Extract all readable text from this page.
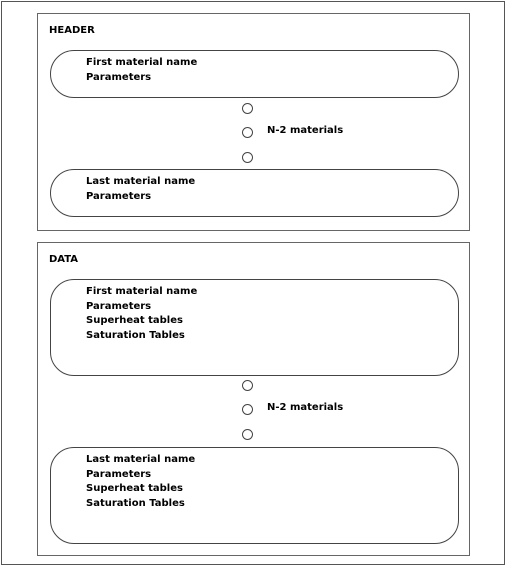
HEADER
First material name
Parameters
N-2 materials
Last material name
Parameters
DATA
First material name
Parameters
Superheat tables
Saturation Tables
N-2 materials
Last material name
Parameters
Superheat tables
Saturation Tables
